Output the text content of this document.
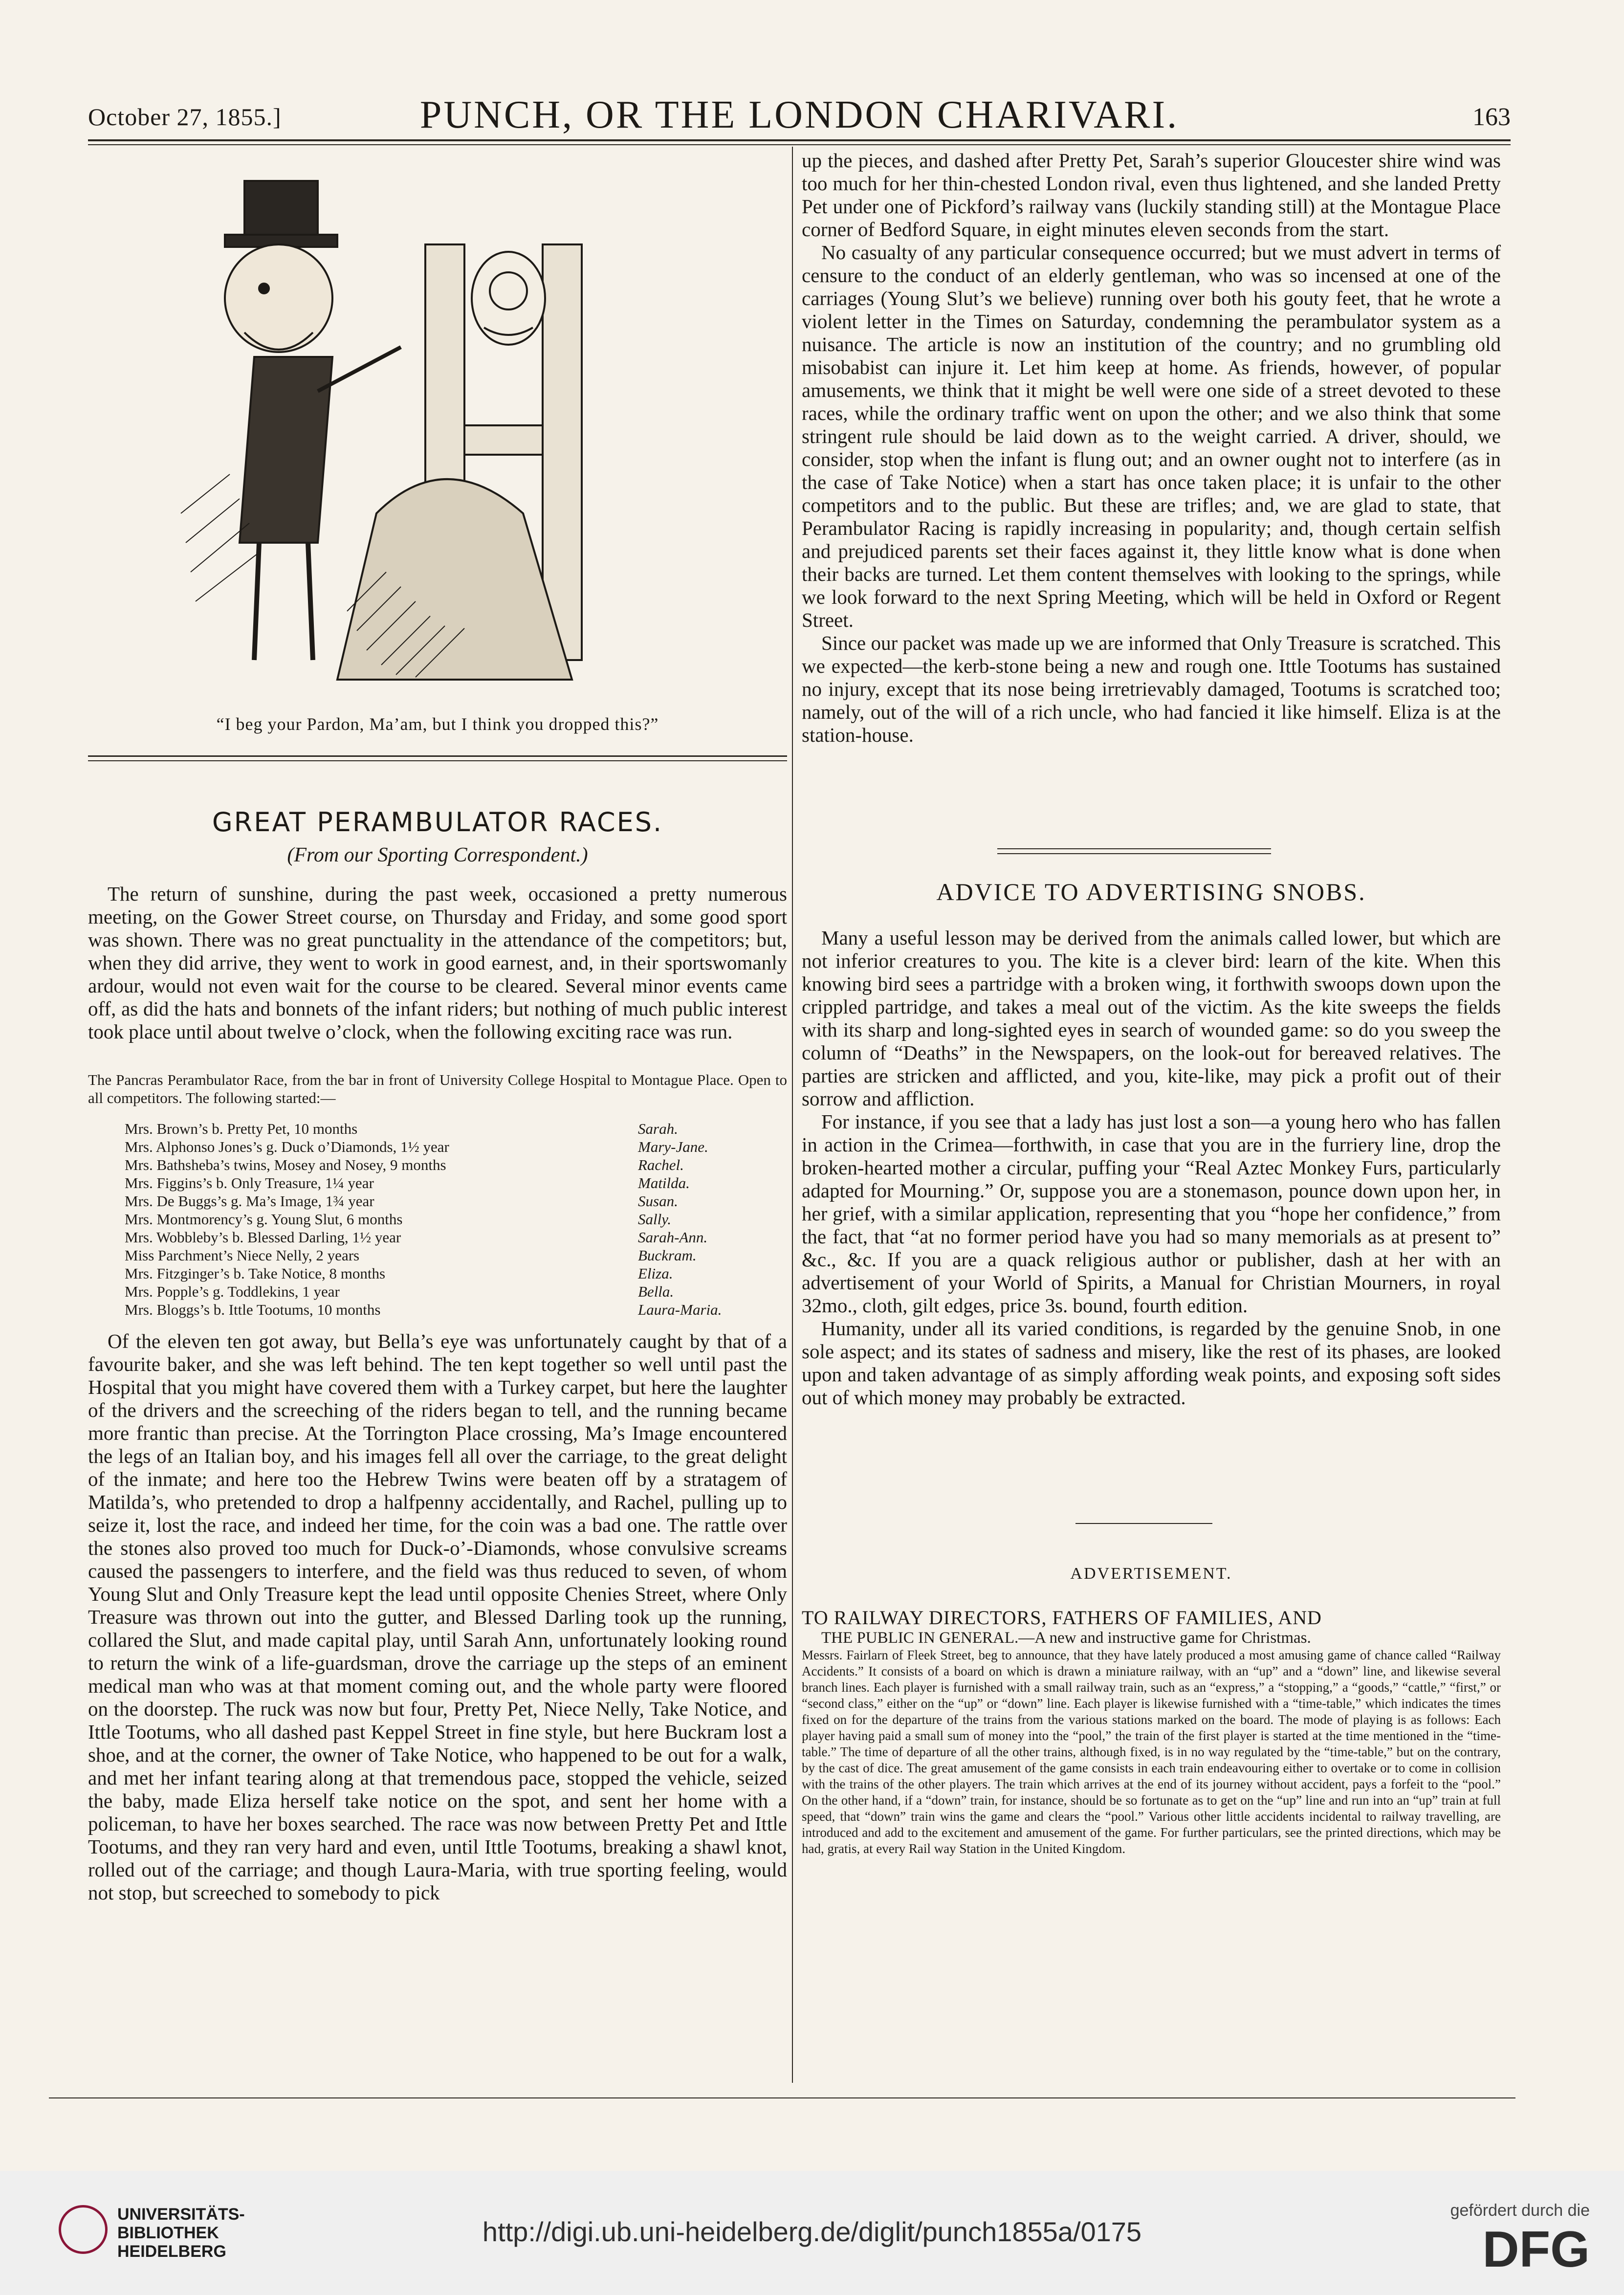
October 27, 1855.]	PUNCH, OR THE LONDON CHARIVARI.	163
“I beg your Pardon, Ma’am, but I think you dropped this?”
GREAT PERAMBULATOR RACES.
(From our Sporting Correspondent.)

The return of sunshine, during the past week, occasioned a pretty numerous meeting, on the Gower Street course, on Thursday and Friday, and some good sport was shown. There was no great punctuality in the attendance of the competitors; but, when they did arrive, they went to work in good earnest, and, in their sportswomanly ardour, would not even wait for the course to be cleared. Several minor events came off, as did the hats and bonnets of the infant riders; but nothing of much public interest took place until about twelve o’clock, when the following exciting race was run.

The Pancras Perambulator Race, from the bar in front of University College Hospital to Montague Place. Open to all competitors. The following started:—

Mrs. Brown’s b. Pretty Pet, 10 months	Sarah.
Mrs. Alphonso Jones’s g. Duck o’Diamonds, 1½ year	Mary-Jane.
Mrs. Bathsheba’s twins, Mosey and Nosey, 9 months	Rachel.
Mrs. Figgins’s b. Only Treasure, 1¼ year	Matilda.
Mrs. De Buggs’s g. Ma’s Image, 1¾ year	Susan.
Mrs. Montmorency’s g. Young Slut, 6 months	Sally.
Mrs. Wobbleby’s b. Blessed Darling, 1½ year	Sarah-Ann.
Miss Parchment’s Niece Nelly, 2 years	Buckram.
Mrs. Fitzginger’s b. Take Notice, 8 months	Eliza.
Mrs. Popple’s g. Toddlekins, 1 year	Bella.
Mrs. Bloggs’s b. Ittle Tootums, 10 months	Laura-Maria.

Of the eleven ten got away, but Bella’s eye was unfortunately caught by that of a favourite baker, and she was left behind. The ten kept together so well until past the Hospital that you might have covered them with a Turkey carpet, but here the laughter of the drivers and the screeching of the riders began to tell, and the running became more frantic than precise. At the Torrington Place crossing, Ma’s Image encountered the legs of an Italian boy, and his images fell all over the carriage, to the great delight of the inmate; and here too the Hebrew Twins were beaten off by a stratagem of Matilda’s, who pretended to drop a halfpenny accidentally, and Rachel, pulling up to seize it, lost the race, and indeed her time, for the coin was a bad one. The rattle over the stones also proved too much for Duck-o’-Diamonds, whose convulsive screams caused the passengers to interfere, and the field was thus reduced to seven, of whom Young Slut and Only Treasure kept the lead until opposite Chenies Street, where Only Treasure was thrown out into the gutter, and Blessed Darling took up the running, collared the Slut, and made capital play, until Sarah Ann, unfortunately looking round to return the wink of a life-guardsman, drove the carriage up the steps of an eminent medical man who was at that moment coming out, and the whole party were floored on the doorstep. The ruck was now but four, Pretty Pet, Niece Nelly, Take Notice, and Ittle Tootums, who all dashed past Keppel Street in fine style, but here Buckram lost a shoe, and at the corner, the owner of Take Notice, who happened to be out for a walk, and met her infant tearing along at that tremendous pace, stopped the vehicle, seized the baby, made Eliza herself take notice on the spot, and sent her home with a policeman, to have her boxes searched. The race was now between Pretty Pet and Ittle Tootums, and they ran very hard and even, until Ittle Tootums, breaking a shawl knot, rolled out of the carriage; and though Laura-Maria, with true sporting feeling, would not stop, but screeched to somebody to pick

up the pieces, and dashed after Pretty Pet, Sarah’s superior Gloucester shire wind was too much for her thin-chested London rival, even thus lightened, and she landed Pretty Pet under one of Pickford’s railway vans (luckily standing still) at the Montague Place corner of Bedford Square, in eight minutes eleven seconds from the start.

No casualty of any particular consequence occurred; but we must advert in terms of censure to the conduct of an elderly gentleman, who was so incensed at one of the carriages (Young Slut’s we believe) running over both his gouty feet, that he wrote a violent letter in the Times on Saturday, condemning the perambulator system as a nuisance. The article is now an institution of the country; and no grumbling old misobabist can injure it. Let him keep at home. As friends, however, of popular amusements, we think that it might be well were one side of a street devoted to these races, while the ordinary traffic went on upon the other; and we also think that some stringent rule should be laid down as to the weight carried. A driver, should, we consider, stop when the infant is flung out; and an owner ought not to interfere (as in the case of Take Notice) when a start has once taken place; it is unfair to the other competitors and to the public. But these are trifles; and, we are glad to state, that Perambulator Racing is rapidly increasing in popularity; and, though certain selfish and prejudiced parents set their faces against it, they little know what is done when their backs are turned. Let them content themselves with looking to the springs, while we look forward to the next Spring Meeting, which will be held in Oxford or Regent Street.

Since our packet was made up we are informed that Only Treasure is scratched. This we expected—the kerb-stone being a new and rough one. Ittle Tootums has sustained no injury, except that its nose being irretrievably damaged, Tootums is scratched too; namely, out of the will of a rich uncle, who had fancied it like himself. Eliza is at the station-house.

ADVICE TO ADVERTISING SNOBS.

Many a useful lesson may be derived from the animals called lower, but which are not inferior creatures to you. The kite is a clever bird: learn of the kite. When this knowing bird sees a partridge with a broken wing, it forthwith swoops down upon the crippled partridge, and takes a meal out of the victim. As the kite sweeps the fields with its sharp and long-sighted eyes in search of wounded game: so do you sweep the column of “Deaths” in the Newspapers, on the look-out for bereaved relatives. The parties are stricken and afflicted, and you, kite-like, may pick a profit out of their sorrow and affliction.

For instance, if you see that a lady has just lost a son—a young hero who has fallen in action in the Crimea—forthwith, in case that you are in the furriery line, drop the broken-hearted mother a circular, puffing your “Real Aztec Monkey Furs, particularly adapted for Mourning.” Or, suppose you are a stonemason, pounce down upon her, in her grief, with a similar application, representing that you “hope her confidence,” from the fact, that “at no former period have you had so many memorials as at present to” &c., &c. If you are a quack religious author or publisher, dash at her with an advertisement of your World of Spirits, a Manual for Christian Mourners, in royal 32mo., cloth, gilt edges, price 3s. bound, fourth edition.

Humanity, under all its varied conditions, is regarded by the genuine Snob, in one sole aspect; and its states of sadness and misery, like the rest of its phases, are looked upon and taken advantage of as simply affording weak points, and exposing soft sides out of which money may probably be extracted.

ADVERTISEMENT.

TO RAILWAY DIRECTORS, FATHERS OF FAMILIES, AND

THE PUBLIC IN GENERAL.—A new and instructive game for Christmas.

Messrs. Fairlarn of Fleek Street, beg to announce, that they have lately produced a most amusing game of chance called “Railway Accidents.” It consists of a board on which is drawn a miniature railway, with an “up” and a “down” line, and likewise several branch lines. Each player is furnished with a small railway train, such as an “express,” a “stopping,” a “goods,” “cattle,” “first,” or “second class,” either on the “up” or “down” line. Each player is likewise furnished with a “time-table,” which indicates the times fixed on for the departure of the trains from the various stations marked on the board. The mode of playing is as follows: Each player having paid a small sum of money into the “pool,” the train of the first player is started at the time mentioned in the “time-table.” The time of departure of all the other trains, although fixed, is in no way regulated by the “time-table,” but on the contrary, by the cast of dice. The great amusement of the game consists in each train endeavouring either to overtake or to come in collision with the trains of the other players. The train which arrives at the end of its journey without accident, pays a forfeit to the “pool.” On the other hand, if a “down” train, for instance, should be so fortunate as to get on the “up” line and run into an “up” train at full speed, that “down” train wins the game and clears the “pool.” Various other little accidents incidental to railway travelling, are introduced and add to the excitement and amusement of the game. For further particulars, see the printed directions, which may be had, gratis, at every Rail way Station in the United Kingdom.

UNIVERSITÄTS-
BIBLIOTHEK
HEIDELBERG
http://digi.ub.uni-heidelberg.de/diglit/punch1855a/0175
gefördert durch die
DFG
